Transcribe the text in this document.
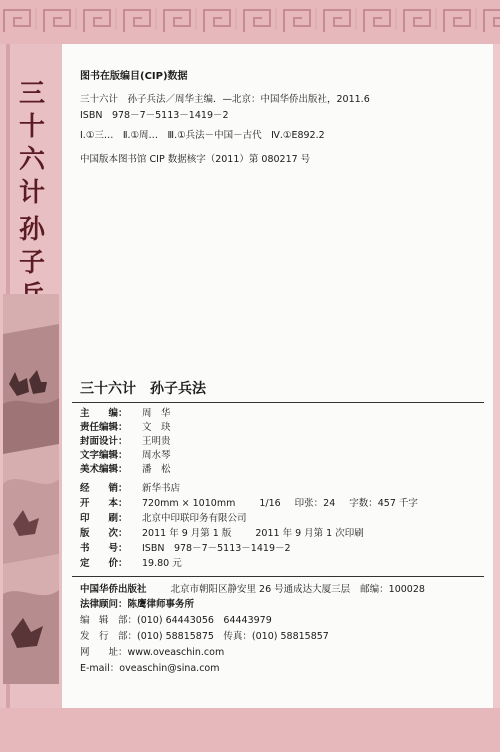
三十六计
孙子
图书在版编目(CIP)数据
三十六计　孙子兵法／周华主编．—北京：中国华侨出版社，2011.6
ISBN　978－7－5113－1419－2
Ⅰ.①三…　Ⅱ.①周…　Ⅲ.①兵法－中国－古代　Ⅳ.①E892.2
中国版本图书馆 CIP 数据核字（2011）第 080217 号
三十六计　孙子兵法
主　　编： 周　华
责任编辑： 文　玦
封面设计： 王明贵
文字编辑： 周水琴
美术编辑： 潘　松
经　　销： 新华书店
开　　本： 720mm × 1010mm	1/16 印张：24 字数：457 千字
印　　刷： 北京中印联印务有限公司
版　　次： 2011 年 9 月第 1 版	2011 年 9 月第 1 次印刷
书　　号： ISBN　978－7－5113－1419－2
定　　价： 19.80 元
中国华侨出版社	北京市朝阳区静安里 26 号通成达大厦三层 邮编：100028
法律顾问：陈鹰律师事务所
编　辑　部：(010) 64443056　64443979
发　行　部：(010) 58815875　传真：(010) 58815857
网　　址：www.oveaschin.com
E-mail：oveaschin@sina.com
